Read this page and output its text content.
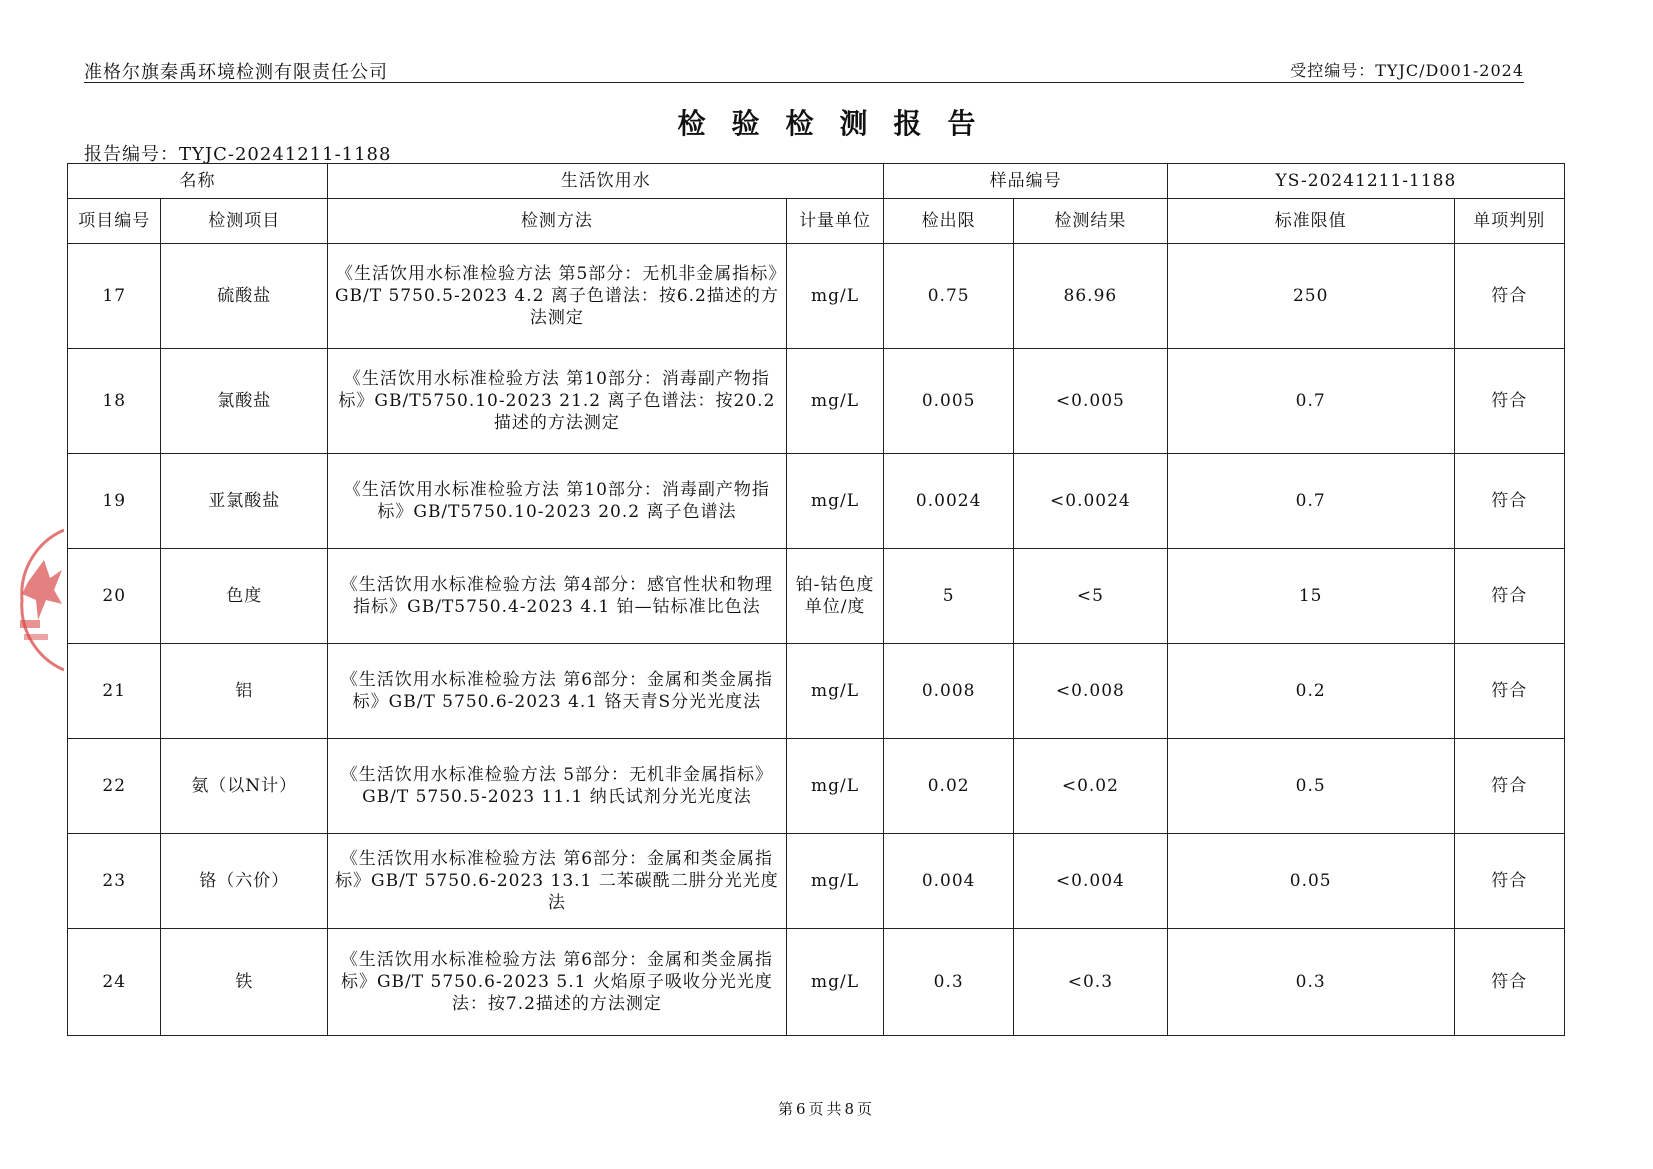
准格尔旗秦禹环境检测有限责任公司	受控编号：TYJC/D001-2024
检验检测报告
报告编号：TYJC-20241211-1188
名称		生活饮用水		样品编号		YS-20241211-1188	
项目编号	检测项目	检测方法	计量单位	检出限	检测结果	标准限值	单项判别
17	硫酸盐	《生活饮用水标准检验方法 第5部分：无机非金属指标》GB/T 5750.5-2023 4.2 离子色谱法：按6.2描述的方法测定	mg/L	0.75	86.96	250	符合
18	氯酸盐	《生活饮用水标准检验方法 第10部分：消毒副产物指标》GB/T5750.10-2023 21.2 离子色谱法：按20.2描述的方法测定	mg/L	0.005	<0.005	0.7	符合
19	亚氯酸盐	《生活饮用水标准检验方法 第10部分：消毒副产物指标》GB/T5750.10-2023 20.2 离子色谱法	mg/L	0.0024	<0.0024	0.7	符合
20	色度	《生活饮用水标准检验方法 第4部分：感官性状和物理指标》GB/T5750.4-2023 4.1 铂—钴标准比色法	铂-钴色度单位/度	5	<5	15	符合
21	铝	《生活饮用水标准检验方法 第6部分：金属和类金属指标》GB/T 5750.6-2023 4.1 铬天青S分光光度法	mg/L	0.008	<0.008	0.2	符合
22	氨（以N计）	《生活饮用水标准检验方法 5部分：无机非金属指标》GB/T 5750.5-2023 11.1 纳氏试剂分光光度法	mg/L	0.02	<0.02	0.5	符合
23	铬（六价）	《生活饮用水标准检验方法 第6部分：金属和类金属指标》GB/T 5750.6-2023 13.1 二苯碳酰二肼分光光度法	mg/L	0.004	<0.004	0.05	符合
24	铁	《生活饮用水标准检验方法 第6部分：金属和类金属指标》GB/T 5750.6-2023 5.1 火焰原子吸收分光光度法：按7.2描述的方法测定	mg/L	0.3	<0.3	0.3	符合
第6页共8页
